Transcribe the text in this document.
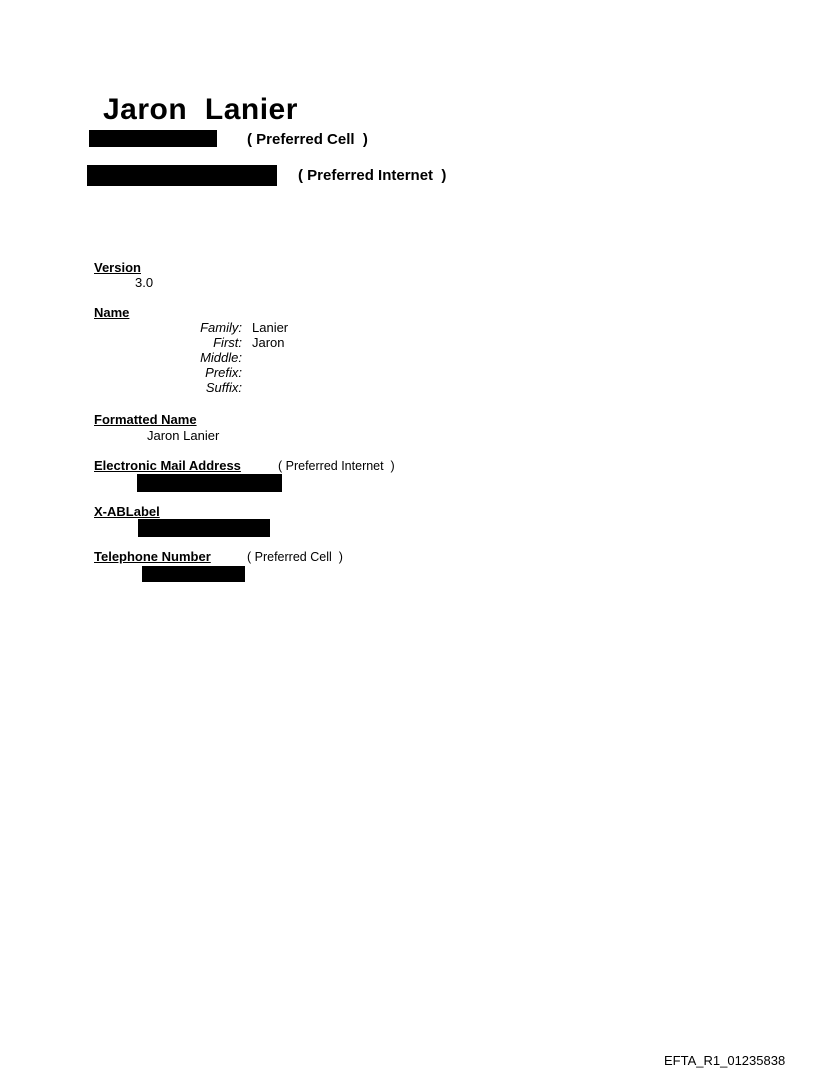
Jaron  Lanier
( Preferred Cell  )
( Preferred Internet  )
Version
3.0
Name
Family: Lanier
First: Jaron
Middle:
Prefix:
Suffix:
Formatted Name
Jaron Lanier
Electronic Mail Address	( Preferred Internet  )
X-ABLabel
Telephone Number	( Preferred Cell  )
EFTA_R1_01235838
